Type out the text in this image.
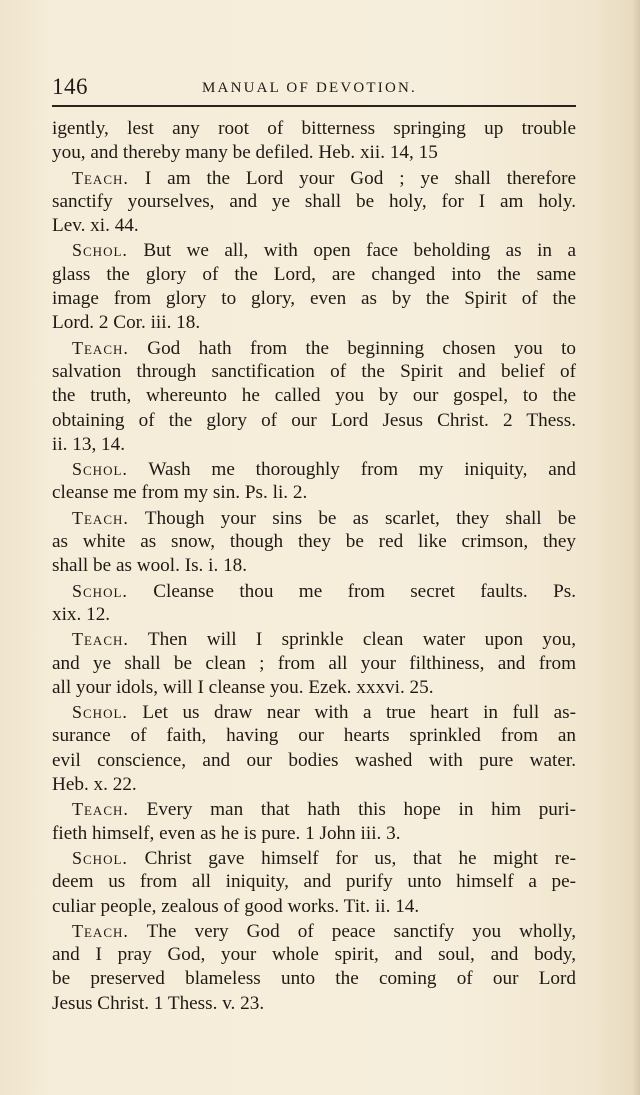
146	MANUAL OF DEVOTION.
igently, lest any root of bitterness springing up trouble
you, and thereby many be defiled. Heb. xii. 14, 15
Teach. I am the Lord your God ; ye shall therefore
sanctify yourselves, and ye shall be holy, for I am holy.
Lev. xi. 44.
Schol. But we all, with open face beholding as in a
glass the glory of the Lord, are changed into the same
image from glory to glory, even as by the Spirit of the
Lord. 2 Cor. iii. 18.
Teach. God hath from the beginning chosen you to
salvation through sanctification of the Spirit and belief of
the truth, whereunto he called you by our gospel, to the
obtaining of the glory of our Lord Jesus Christ. 2 Thess.
ii. 13, 14.
Schol. Wash me thoroughly from my iniquity, and
cleanse me from my sin. Ps. li. 2.
Teach. Though your sins be as scarlet, they shall be
as white as snow, though they be red like crimson, they
shall be as wool. Is. i. 18.
Schol. Cleanse thou me from secret faults. Ps.
xix. 12.
Teach. Then will I sprinkle clean water upon you,
and ye shall be clean ; from all your filthiness, and from
all your idols, will I cleanse you. Ezek. xxxvi. 25.
Schol. Let us draw near with a true heart in full as-
surance of faith, having our hearts sprinkled from an
evil conscience, and our bodies washed with pure water.
Heb. x. 22.
Teach. Every man that hath this hope in him puri-
fieth himself, even as he is pure. 1 John iii. 3.
Schol. Christ gave himself for us, that he might re-
deem us from all iniquity, and purify unto himself a pe-
culiar people, zealous of good works. Tit. ii. 14.
Teach. The very God of peace sanctify you wholly,
and I pray God, your whole spirit, and soul, and body,
be preserved blameless unto the coming of our Lord
Jesus Christ. 1 Thess. v. 23.
